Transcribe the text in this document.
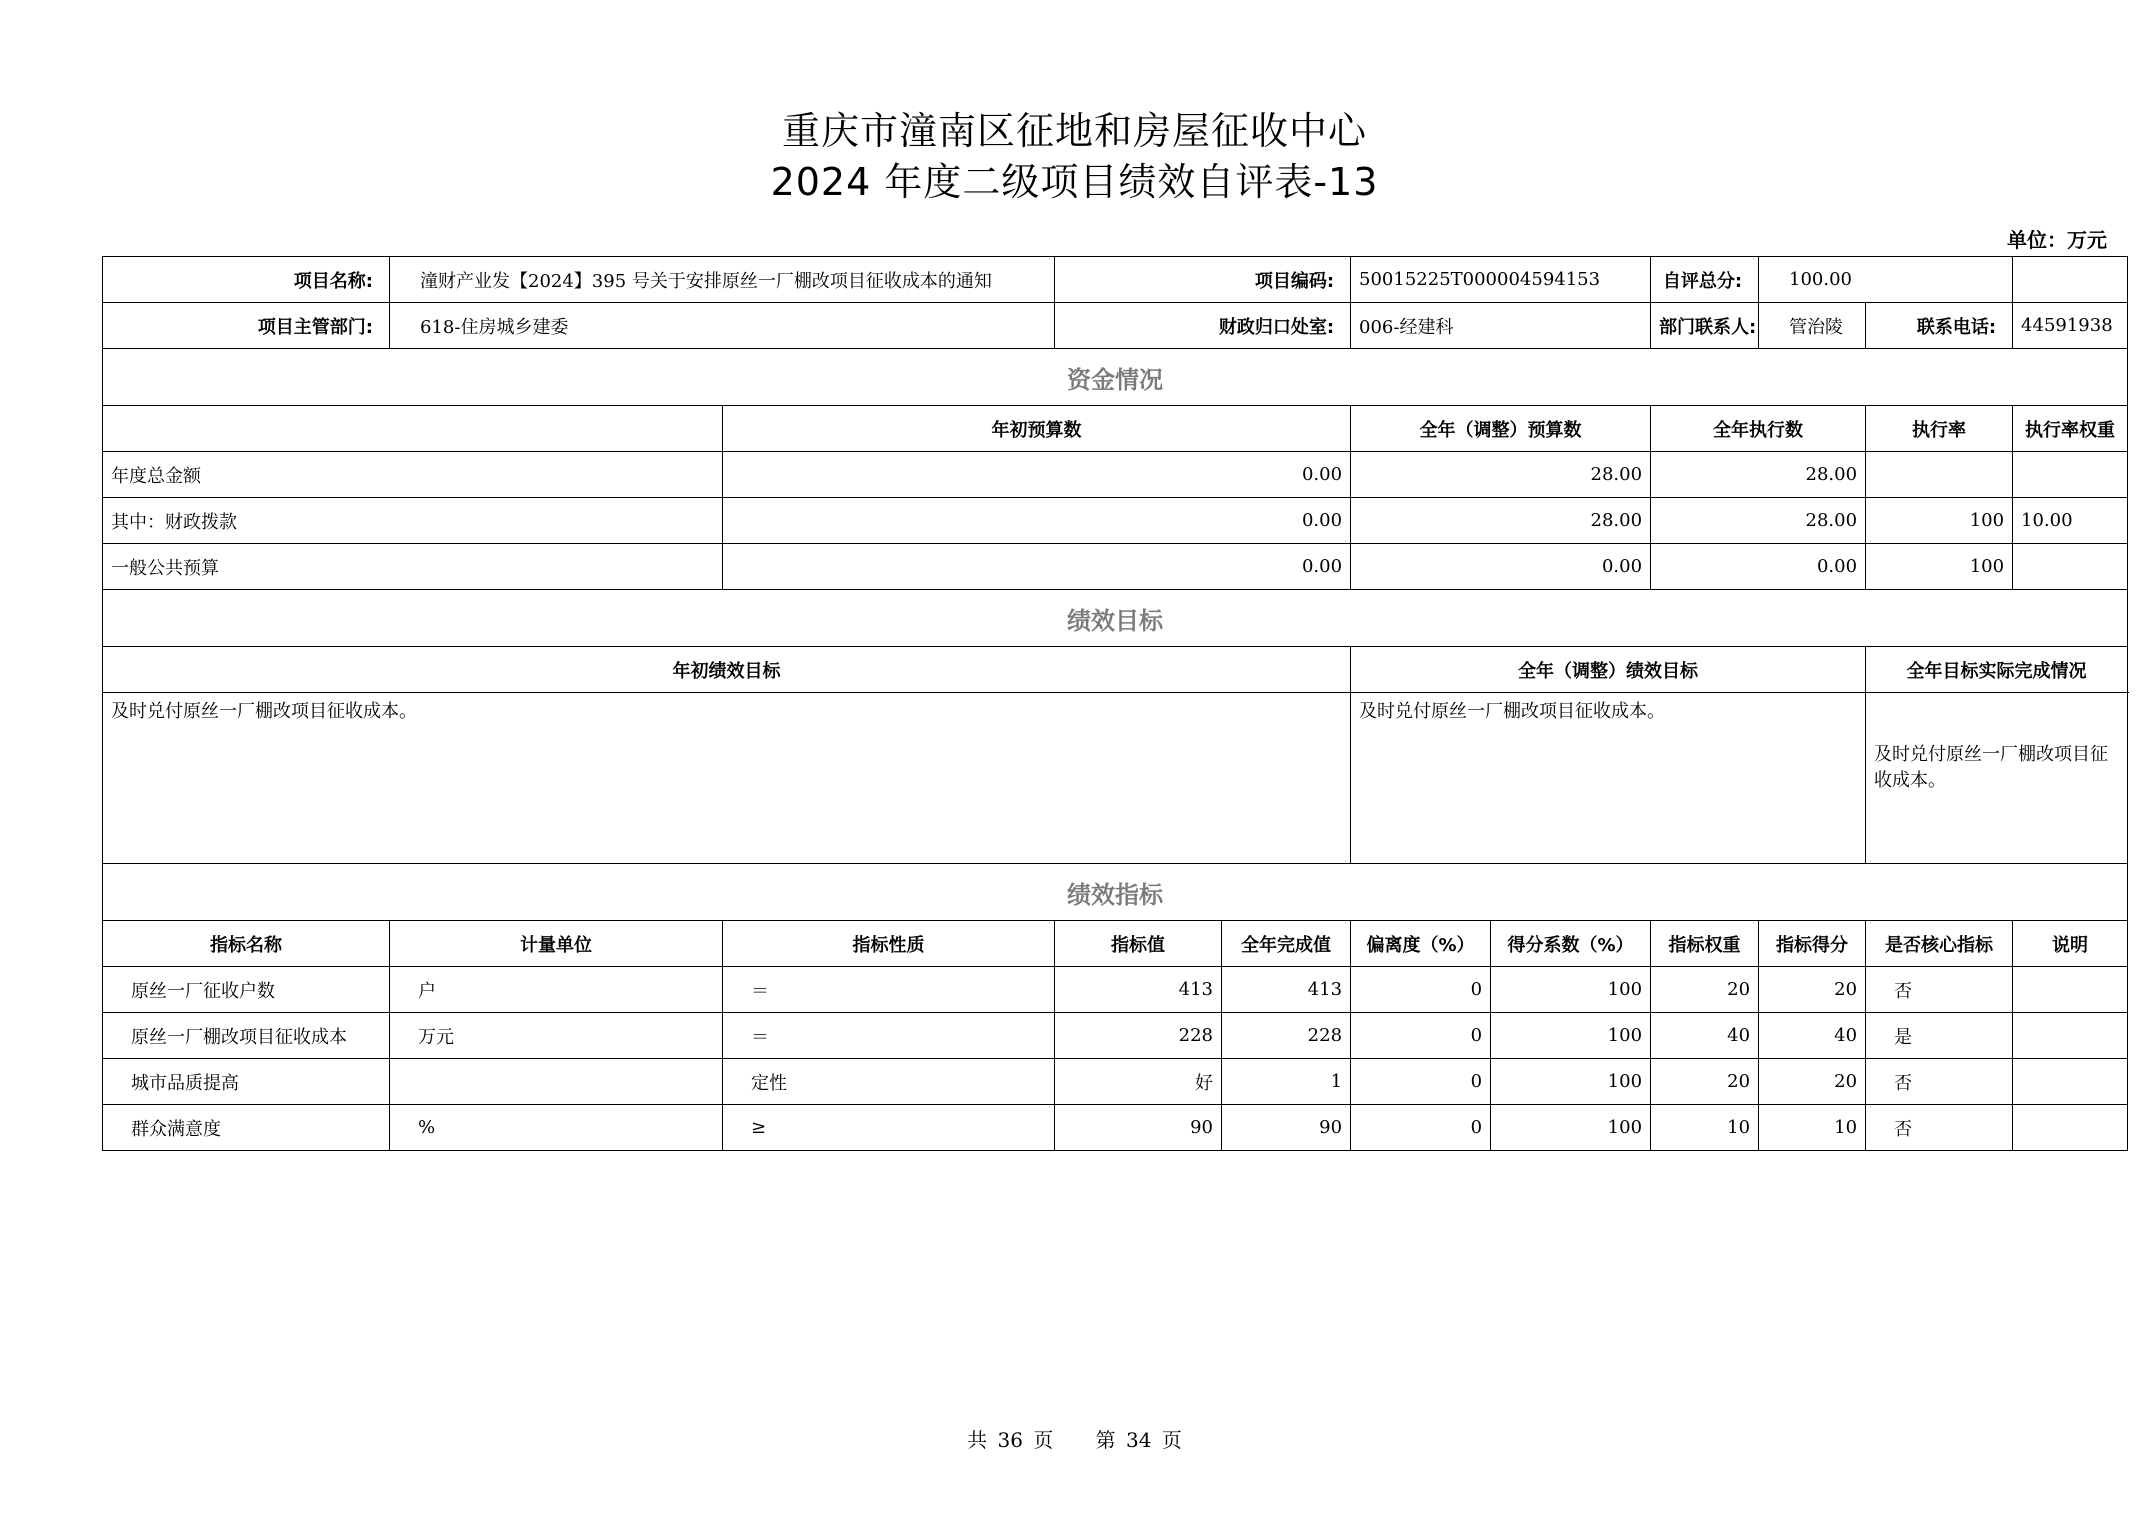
重庆市潼南区征地和房屋征收中心
2024 年度二级项目绩效自评表-13
单位：万元
项目名称:	潼财产业发【2024】395 号关于安排原丝一厂棚改项目征收成本的通知		项目编码:		50015225T000004594153		自评总分:	100.00			
项目主管部门:	618-住房城乡建委		财政归口处室:		006-经建科		部门联系人:	管治陵	联系电话:	44591938	
资金情况											
		年初预算数			全年（调整）预算数		全年执行数		执行率	执行率权重	
年度总金额		0.00			28.00		28.00				
其中：财政拨款		0.00			28.00		28.00		100	10.00	
一般公共预算		0.00			0.00		0.00		100		
绩效目标											
年初绩效目标					全年（调整）绩效目标				全年目标实际完成情况		
及时兑付原丝一厂棚改项目征收成本。					及时兑付原丝一厂棚改项目征收成本。				及时兑付原丝一厂棚改项目征收成本。		
绩效指标											
指标名称	计量单位	指标性质	指标值	全年完成值	偏离度（%）	得分系数（%）	指标权重	指标得分	是否核心指标	说明	
原丝一厂征收户数	户	＝	413	413	0	100	20	20	否		
原丝一厂棚改项目征收成本	万元	＝	228	228	0	100	40	40	是		
城市品质提高		定性	好	1	0	100	20	20	否		
群众满意度	%	≥	90	90	0	100	10	10	否		
共 36 页 第 34 页
